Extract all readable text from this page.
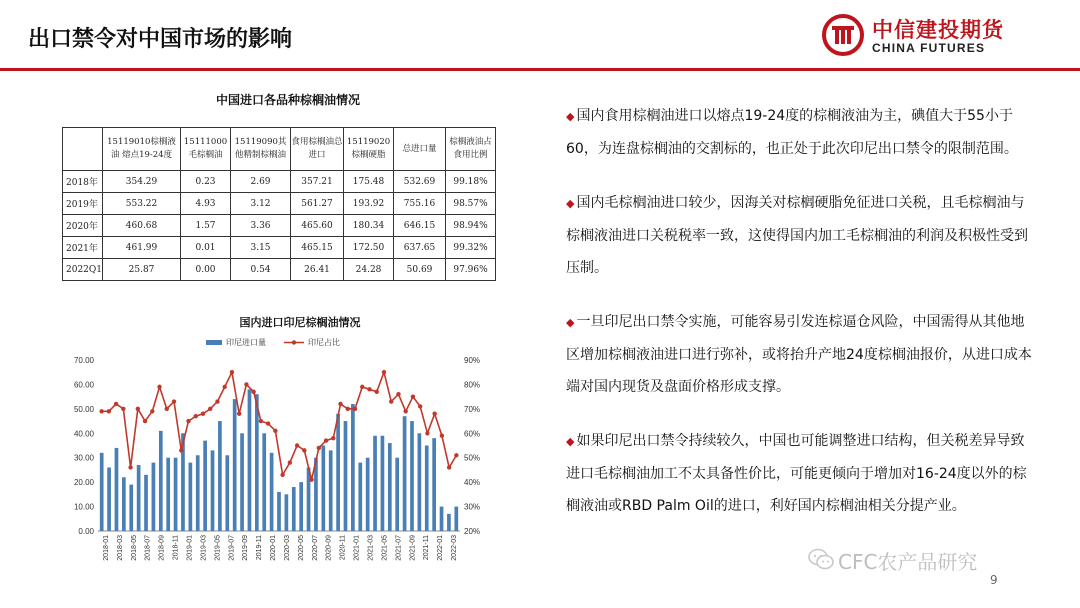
出口禁令对中国市场的影响	中信建投期货
CHINA FUTURES
中国进口各品种棕榈油情况
	15119010棕榈液油 熔点19-24度	15111000毛棕榈油	15119090其他精制棕榈油	食用棕榈油总进口	15119020棕榈硬脂	总进口量	棕榈液油占食用比例
2018年	354.29	0.23	2.69	357.21	175.48	532.69	99.18%
2019年	553.22	4.93	3.12	561.27	193.92	755.16	98.57%
2020年	460.68	1.57	3.36	465.60	180.34	646.15	98.94%
2021年	461.99	0.01	3.15	465.15	172.50	637.65	99.32%
2022Q1	25.87	0.00	0.54	26.41	24.28	50.69	97.96%
国内进口印尼棕榈油情况
0.00
10.00
20.00
30.00
40.00
50.00
60.00
70.00
20%
30%
40%
50%
60%
70%
80%
90%
2018-01 2018-03 2018-05 2018-07 2018-09 2018-11 2019-01 2019-03 2019-05 2019-07 2019-09 2019-11 2020-01 2020-03 2020-05 2020-07 2020-09 2020-11 2021-01 2021-03 2021-05 2021-07 2021-09 2021-11 2022-01 2022-03
印尼进口量	印尼占比
◆ 国内食用棕榈油进口以熔点19-24度的棕榈液油为主，碘值大于55小于60，为连盘棕榈油的交割标的，也正处于此次印尼出口禁令的限制范围。
◆ 国内毛棕榈油进口较少，因海关对棕榈硬脂免征进口关税，且毛棕榈油与棕榈液油进口关税税率一致，这使得国内加工毛棕榈油的利润及积极性受到压制。
◆ 一旦印尼出口禁令实施，可能容易引发连棕逼仓风险，中国需得从其他地区增加棕榈液油进口进行弥补，或将抬升产地24度棕榈油报价，从进口成本端对国内现货及盘面价格形成支撑。
◆ 如果印尼出口禁令持续较久，中国也可能调整进口结构，但关税差异导致进口毛棕榈油加工不太具备性价比，可能更倾向于增加对16-24度以外的棕榈液油或RBD Palm Oil的进口，利好国内棕榈油相关分提产业。
CFC农产品研究
9
